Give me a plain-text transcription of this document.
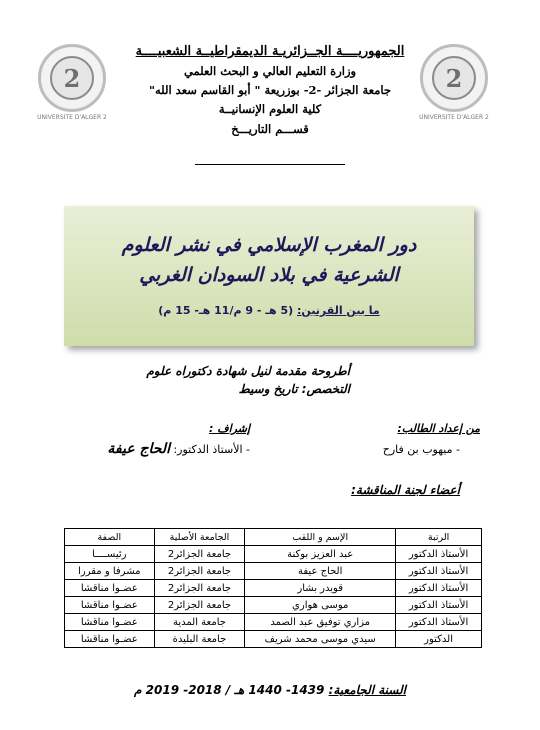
2
UNIVERSITE D'ALGER 2
2
UNIVERSITE D'ALGER 2
الجمهوريــــة الجــزائريـة الديمقراطيــة الشعبيــــة
وزارة التعليم العالي و البحث العلمي
جامعة الجزائر -2- بوزريعة " أبو القاسم سعد الله"
كلية العلوم الإنسانيــة
قســـم التاريـــخ
دور المغرب الإسلامي في نشر العلوم
الشرعية في بلاد السودان الغربي
ما بين القرنين: (5 هـ - 9 م/11 هـ- 15 م)
أطروحة مقدمة لنيل شهادة دكتوراه علوم
التخصص: تاريخ وسيط
من إعداد الطالب:
- ميهوب بن فارح
إشراف :
- الأستاذ الدكتور: الحاج عيفة
أعضاء لجنة المناقشة:
الرتبة	الإسم و اللقب	الجامعة الأصلية	الصفة
الأستاذ الدكتور	عبد العزيز بوكنة	جامعة الجزائر2	رئيســــا
الأستاذ الدكتور	الحاج عيفة	جامعة الجزائر2	مشرفا و مقررا
الأستاذ الدكتور	قويدر بشار	جامعة الجزائر2	عضـوا مناقشا
الأستاذ الدكتور	موسى هواري	جامعة الجزائر2	عضـوا مناقشا
الأستاذ الدكتور	مزاري توفيق عبد الصمد	جامعة المدية	عضـوا مناقشا
الدكتور	سيدي موسى محمد شريف	جامعة البليدة	عضـوا مناقشا
السنة الجامعية: 1439- 1440 هـ / 2018- 2019 م
